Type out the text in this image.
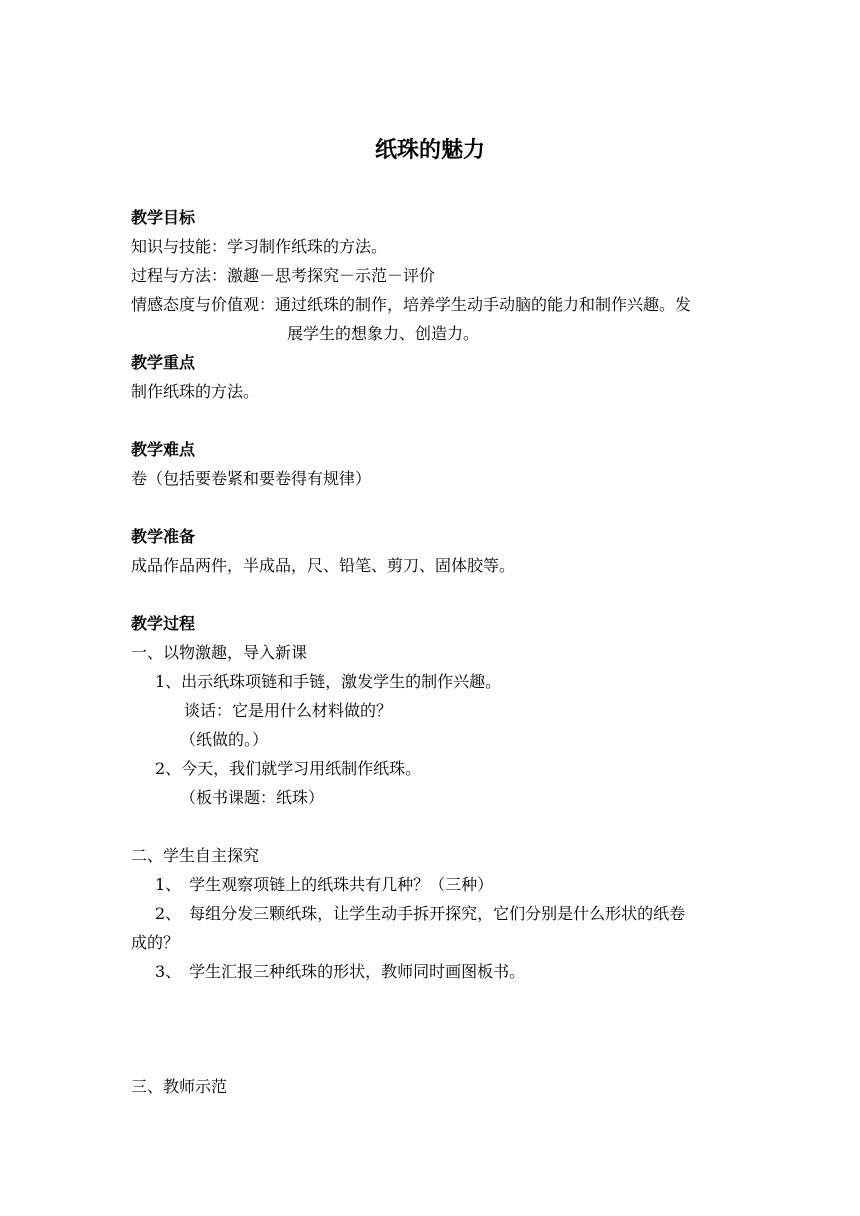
纸珠的魅力
教学目标
知识与技能：学习制作纸珠的方法。
过程与方法：激趣－思考探究－示范－评价
情感态度与价值观：通过纸珠的制作，培养学生动手动脑的能力和制作兴趣。发
展学生的想象力、创造力。
教学重点
制作纸珠的方法。
教学难点
卷（包括要卷紧和要卷得有规律）
教学准备
成品作品两件，半成品，尺、铅笔、剪刀、固体胶等。
教学过程
一、以物激趣，导入新课
1、出示纸珠项链和手链，激发学生的制作兴趣。
谈话：它是用什么材料做的？
（纸做的。）
2、今天，我们就学习用纸制作纸珠。
（板书课题：纸珠）
二、学生自主探究
1、　学生观察项链上的纸珠共有几种？（三种）
2、　每组分发三颗纸珠，让学生动手拆开探究，它们分别是什么形状的纸卷
成的？
3、　学生汇报三种纸珠的形状，教师同时画图板书。
三、教师示范
